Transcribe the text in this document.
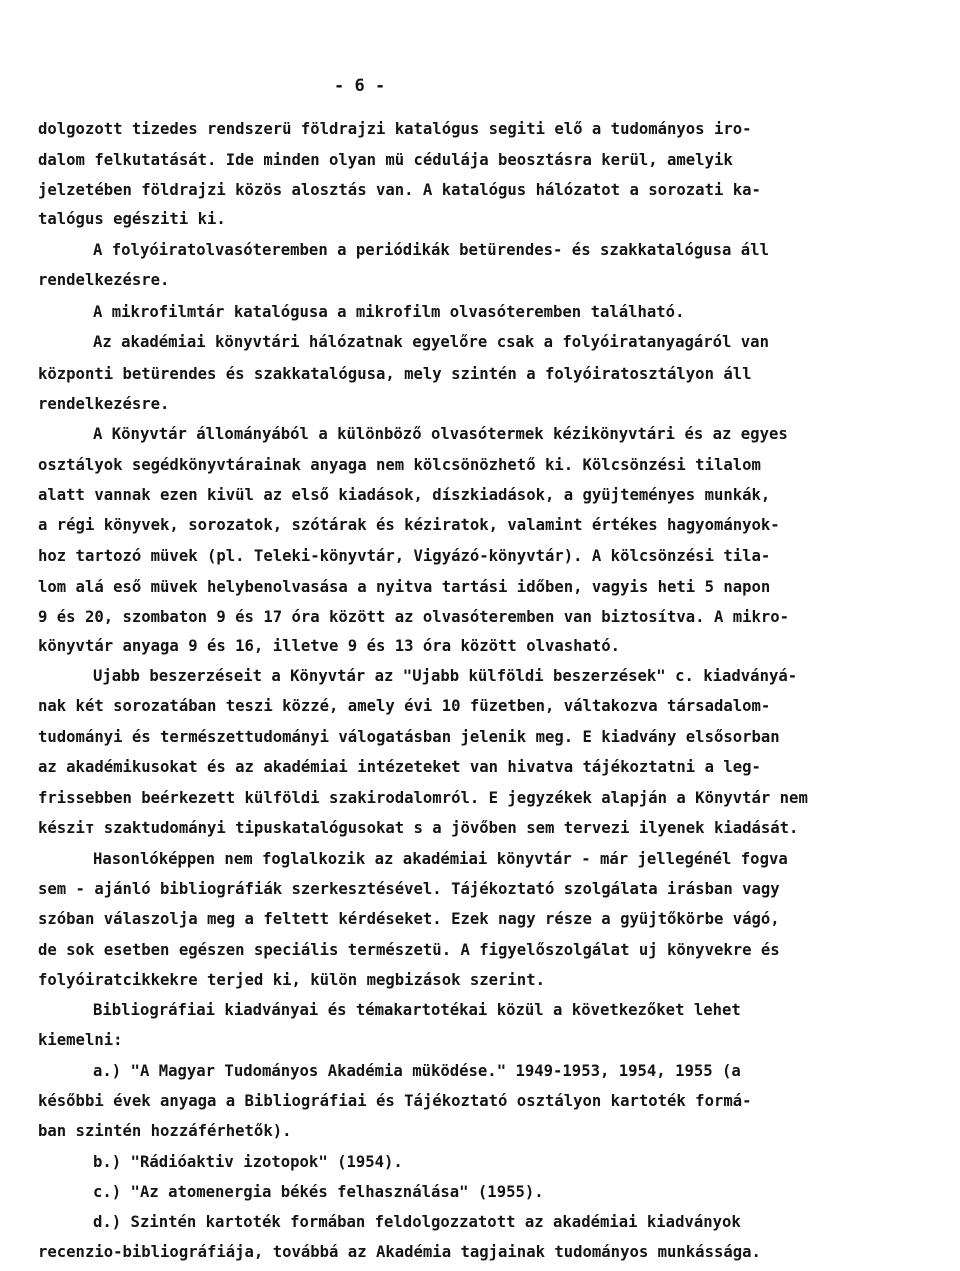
- 6 -
dolgozott tizedes rendszerü földrajzi katalógus segiti elő a tudományos iro-
dalom felkutatását. Ide minden olyan mü cédulája beosztásra kerül, amelyik
jelzetében földrajzi közös alosztás van. A katalógus hálózatot a sorozati ka-
talógus egésziti ki.
A folyóiratolvasóteremben a periódikák betürendes- és szakkatalógusa áll
rendelkezésre.
A mikrofilmtár katalógusa a mikrofilm olvasóteremben található.
Az akadémiai könyvtári hálózatnak egyelőre csak a folyóiratanyagáról van
központi betürendes és szakkatalógusa, mely szintén a folyóiratosztályon áll
rendelkezésre.
A Könyvtár állományából a különböző olvasótermek kézikönyvtári és az egyes
osztályok segédkönyvtárainak anyaga nem kölcsönözhető ki. Kölcsönzési tilalom
alatt vannak ezen kivül az első kiadások, díszkiadások, a gyüjteményes munkák,
a régi könyvek, sorozatok, szótárak és kéziratok, valamint értékes hagyományok-
hoz tartozó müvek (pl. Teleki-könyvtár, Vigyázó-könyvtár). A kölcsönzési tila-
lom alá eső müvek helybenolvasása a nyitva tartási időben, vagyis heti 5 napon
9 és 20, szombaton 9 és 17 óra között az olvasóteremben van biztosítva. A mikro-
könyvtár anyaga 9 és 16, illetve 9 és 13 óra között olvasható.
Ujabb beszerzéseit a Könyvtár az "Ujabb külföldi beszerzések" c. kiadványá-
nak két sorozatában teszi közzé, amely évi 10 füzetben, váltakozva társadalom-
tudományi és természettudományi válogatásban jelenik meg. E kiadvány elsősorban
az akadémikusokat és az akadémiai intézeteket van hivatva tájékoztatni a leg-
frissebben beérkezett külföldi szakirodalomról. E jegyzékek alapján a Könyvtár nem
késziт szaktudományi tipuskatalógusokat s a jövőben sem tervezi ilyenek kiadását.
Hasonlóképpen nem foglalkozik az akadémiai könyvtár - már jellegénél fogva
sem - ajánló bibliográfiák szerkesztésével. Tájékoztató szolgálata irásban vagy
szóban válaszolja meg a feltett kérdéseket. Ezek nagy része a gyüjtőkörbe vágó,
de sok esetben egészen speciális természetü. A figyelőszolgálat uj könyvekre és
folyóiratcikkekre terjed ki, külön megbizások szerint.
Bibliográfiai kiadványai és témakartotékai közül a következőket lehet
kiemelni:
a.) "A Magyar Tudományos Akadémia müködése." 1949-1953, 1954, 1955 (a
későbbi évek anyaga a Bibliográfiai és Tájékoztató osztályon kartoték formá-
ban szintén hozzáférhetők).
b.) "Rádióaktiv izotopok" (1954).
c.) "Az atomenergia békés felhasználása" (1955).
d.) Szintén kartoték formában feldolgozzatott az akadémiai kiadványok
recenzio-bibliográfiája, továbbá az Akadémia tagjainak tudományos munkássága.
